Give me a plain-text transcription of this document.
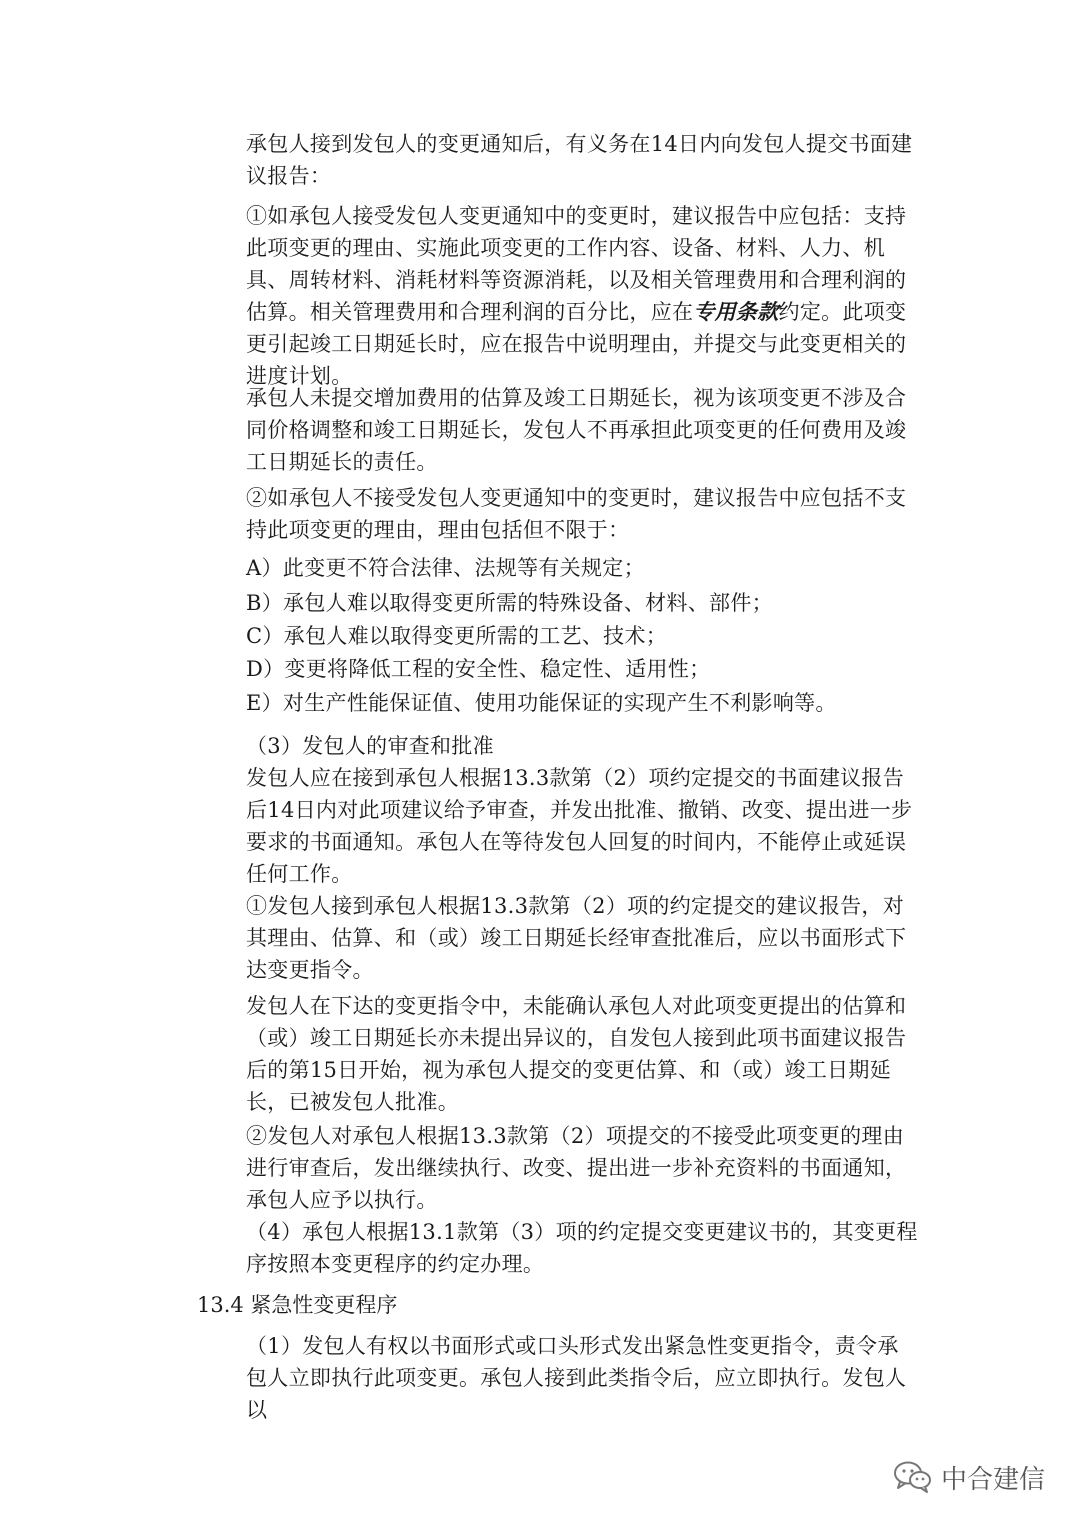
承包人接到发包人的变更通知后，有义务在14日内向发包人提交书面建议报告：

①如承包人接受发包人变更通知中的变更时，建议报告中应包括：支持此项变更的理由、实施此项变更的工作内容、设备、材料、人力、机具、周转材料、消耗材料等资源消耗，以及相关管理费用和合理利润的估算。相关管理费用和合理利润的百分比，应在专用条款约定。此项变更引起竣工日期延长时，应在报告中说明理由，并提交与此变更相关的进度计划。

承包人未提交增加费用的估算及竣工日期延长，视为该项变更不涉及合同价格调整和竣工日期延长，发包人不再承担此项变更的任何费用及竣工日期延长的责任。

②如承包人不接受发包人变更通知中的变更时，建议报告中应包括不支持此项变更的理由，理由包括但不限于：

A）此变更不符合法律、法规等有关规定；

B）承包人难以取得变更所需的特殊设备、材料、部件；

C）承包人难以取得变更所需的工艺、技术；

D）变更将降低工程的安全性、稳定性、适用性；

E）对生产性能保证值、使用功能保证的实现产生不利影响等。

（3）发包人的审查和批准

发包人应在接到承包人根据13.3款第（2）项约定提交的书面建议报告后14日内对此项建议给予审查，并发出批准、撤销、改变、提出进一步要求的书面通知。承包人在等待发包人回复的时间内，不能停止或延误任何工作。

①发包人接到承包人根据13.3款第（2）项的约定提交的建议报告，对其理由、估算、和（或）竣工日期延长经审查批准后，应以书面形式下达变更指令。

发包人在下达的变更指令中，未能确认承包人对此项变更提出的估算和（或）竣工日期延长亦未提出异议的，自发包人接到此项书面建议报告后的第15日开始，视为承包人提交的变更估算、和（或）竣工日期延长，已被发包人批准。

②发包人对承包人根据13.3款第（2）项提交的不接受此项变更的理由进行审查后，发出继续执行、改变、提出进一步补充资料的书面通知，承包人应予以执行。

（4）承包人根据13.1款第（3）项的约定提交变更建议书的，其变更程序按照本变更程序的约定办理。

13.4 紧急性变更程序

（1）发包人有权以书面形式或口头形式发出紧急性变更指令，责令承包人立即执行此项变更。承包人接到此类指令后，应立即执行。发包人以

中合建信
